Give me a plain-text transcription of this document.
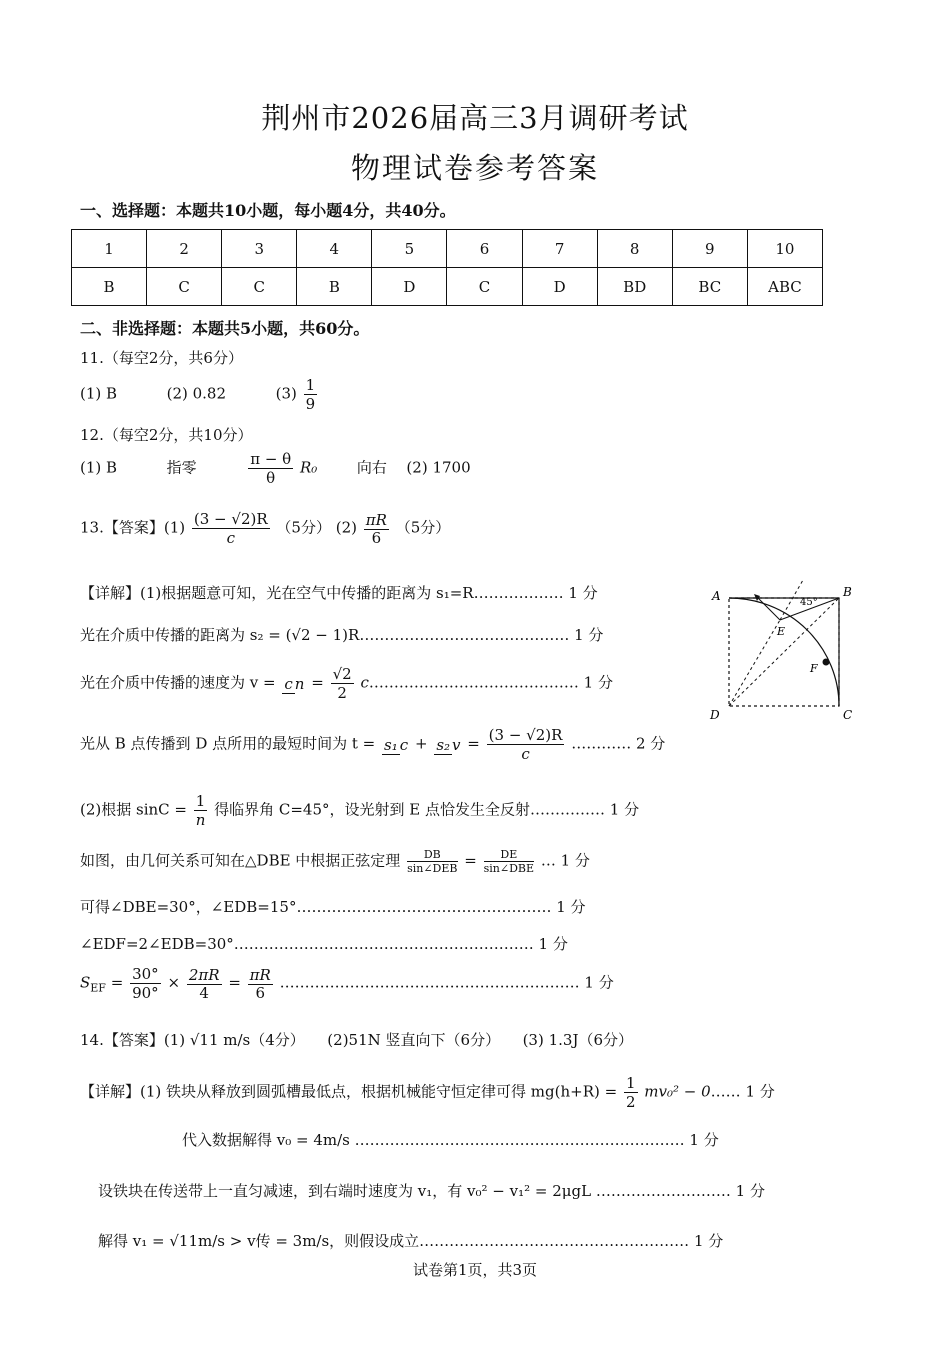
荆州市2026届高三3月调研考试
物理试卷参考答案
一、选择题：本题共10小题，每小题4分，共40分。
1	2	3	4	5	6	7	8	9	10
B	C	C	B	D	C	D	BD	BC	ABC
二、非选择题：本题共5小题，共60分。
11.（每空2分，共6分）
(1) B	(2) 0.82	$(3) \frac{1}{9}$
12.（每空2分，共10分）
(1) B	指零	$\frac{\pi - \theta}{\theta} R_0$	向右 (2) 1700
13.【答案】$(1) \frac{(3 - √2)R}{c} (5$分） $(2) \frac{\pi R}{6} (5$分）
【详解】(1)根据题意可知，光在空气中传播的距离为 s₁=R……………… 1 分
光在介质中传播的距离为 s₂ = (√2 − 1)R…………………………………… 1 分
光在介质中传播的速度为 v = c $n = \frac{√2}{2}$ c…………………………………… 1 分
光从 B 点传播到 D 点所用的最短时间为 t = s₁ c + s₂ $v = \frac{(3 - √2)R}{c}$ ………… 2 分
(2)根据 $\sin C = \frac{1}{n}$ 得临界角 C=45°，设光射到 E 点恰发生全反射…………… 1 分
如图，由几何关系可知在△DBE 中根据正弦定理 $\frac{DB}{\text{sin∠DEB}} = \frac{DE}{\text{sin∠DBE}}$ … 1 分
可得∠DBE=30°，∠EDB=15°…………………………………………… 1 分
∠EDF=2∠EDB=30°…………………………………………………… 1 分
$S_{EF} = \frac{30^\circ}{90^\circ} \times \frac{2\pi R}{4} = \frac{\pi R}{6}$ …………………………………………………… 1 分
A	B
C
D
E
F
45°
14.【答案】(1) √11 m/s（4分）　　(2)51N 竖直向下（6分）　　(3) 1.3J（6分）
【详解】(1) 铁块从释放到圆弧槽最低点，根据机械能守恒定律可得 $mg(h+R) = \frac{1}{2} mv_0^2$ − 0…… 1 分
代入数据解得 v₀ = 4m/s ………………………………………………………… 1 分
设铁块在传送带上一直匀减速，到右端时速度为 v₁，有 v₀² − v₁² = 2μgL ……………………… 1 分
解得 v₁ = √11m/s > v传 = 3m/s，则假设成立……………………………………………… 1 分
试卷第1页，共3页
